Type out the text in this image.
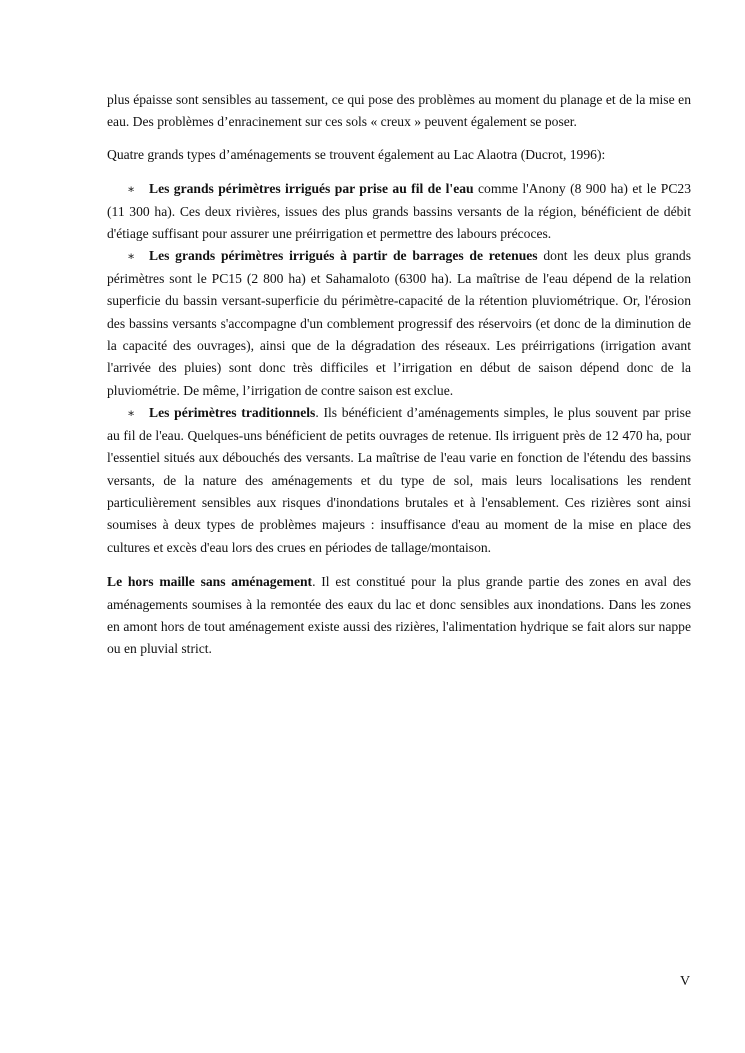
plus épaisse sont sensibles au tassement, ce qui pose des problèmes au moment du planage et de la mise en eau. Des problèmes d’enracinement sur ces sols « creux » peuvent également se poser.

Quatre grands types d’aménagements se trouvent également au Lac Alaotra (Ducrot, 1996):

∗ Les grands périmètres irrigués par prise au fil de l'eau comme l'Anony (8 900 ha) et le PC23 (11 300 ha). Ces deux rivières, issues des plus grands bassins versants de la région, bénéficient de débit d'étiage suffisant pour assurer une préirrigation et permettre des labours précoces.

∗ Les grands périmètres irrigués à partir de barrages de retenues dont les deux plus grands périmètres sont le PC15 (2 800 ha) et Sahamaloto (6300 ha). La maîtrise de l'eau dépend de la relation superficie du bassin versant-superficie du périmètre-capacité de la rétention pluviométrique. Or, l'érosion des bassins versants s'accompagne d'un comblement progressif des réservoirs (et donc de la diminution de la capacité des ouvrages), ainsi que de la dégradation des réseaux. Les préirrigations (irrigation avant l'arrivée des pluies) sont donc très difficiles et l’irrigation en début de saison dépend donc de la pluviométrie. De même, l’irrigation de contre saison est exclue.

∗ Les périmètres traditionnels. Ils bénéficient d’aménagements simples, le plus souvent par prise au fil de l'eau. Quelques-uns bénéficient de petits ouvrages de retenue. Ils irriguent près de 12 470 ha, pour l'essentiel situés aux débouchés des versants. La maîtrise de l'eau varie en fonction de l'étendu des bassins versants, de la nature des aménagements et du type de sol, mais leurs localisations les rendent particulièrement sensibles aux risques d'inondations brutales et à l'ensablement. Ces rizières sont ainsi soumises à deux types de problèmes majeurs : insuffisance d'eau au moment de la mise en place des cultures et excès d'eau lors des crues en périodes de tallage/montaison.

Le hors maille sans aménagement. Il est constitué pour la plus grande partie des zones en aval des aménagements soumises à la remontée des eaux du lac et donc sensibles aux inondations. Dans les zones en amont hors de tout aménagement existe aussi des rizières, l'alimentation hydrique se fait alors sur nappe ou en pluvial strict.

V
